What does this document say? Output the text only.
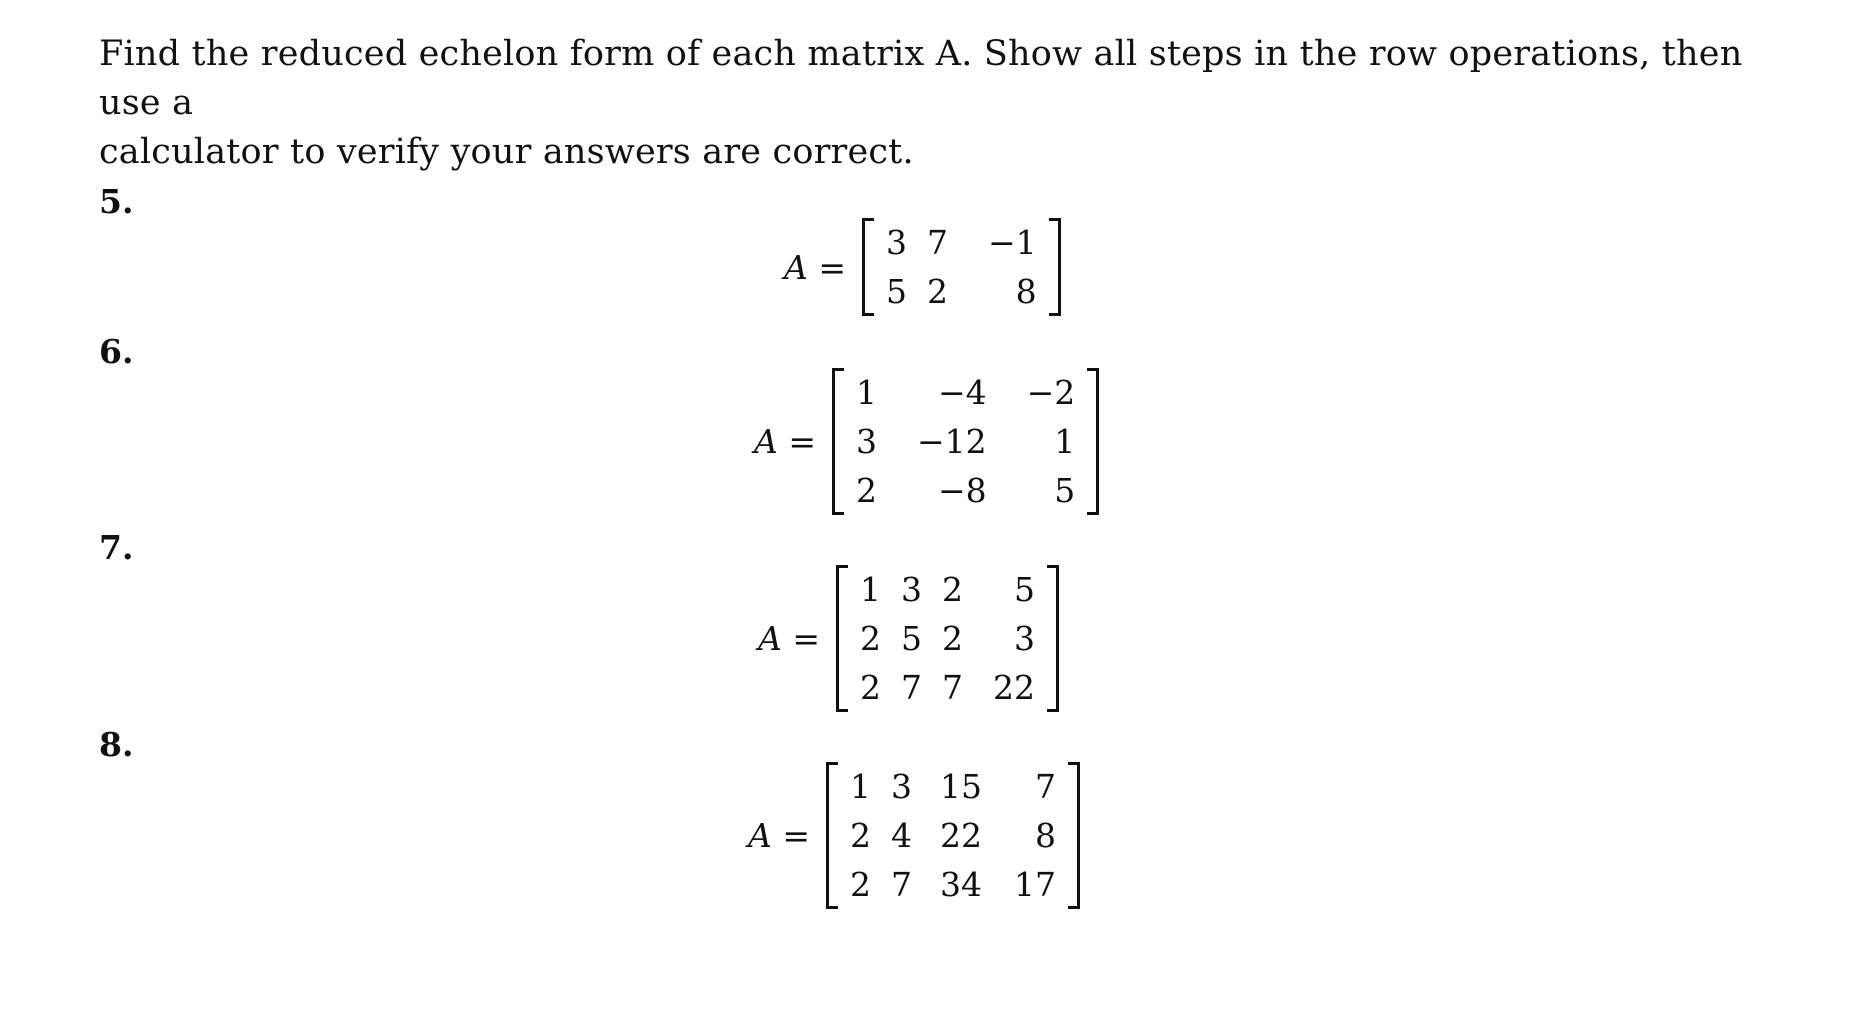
Find the reduced echelon form of each matrix A. Show all steps in the row operations, then use a
calculator to verify your answers are correct.
5.
A =
3 7	−1
5 2	8
6.
A =
1	−4	−2
3	−12	1
2	−8	5
7.
A =
1 3 2	5
2 5 2	3
2 7 7 22
8.
A =
1 3 15	7
2 4 22	8
2 7 34 17
